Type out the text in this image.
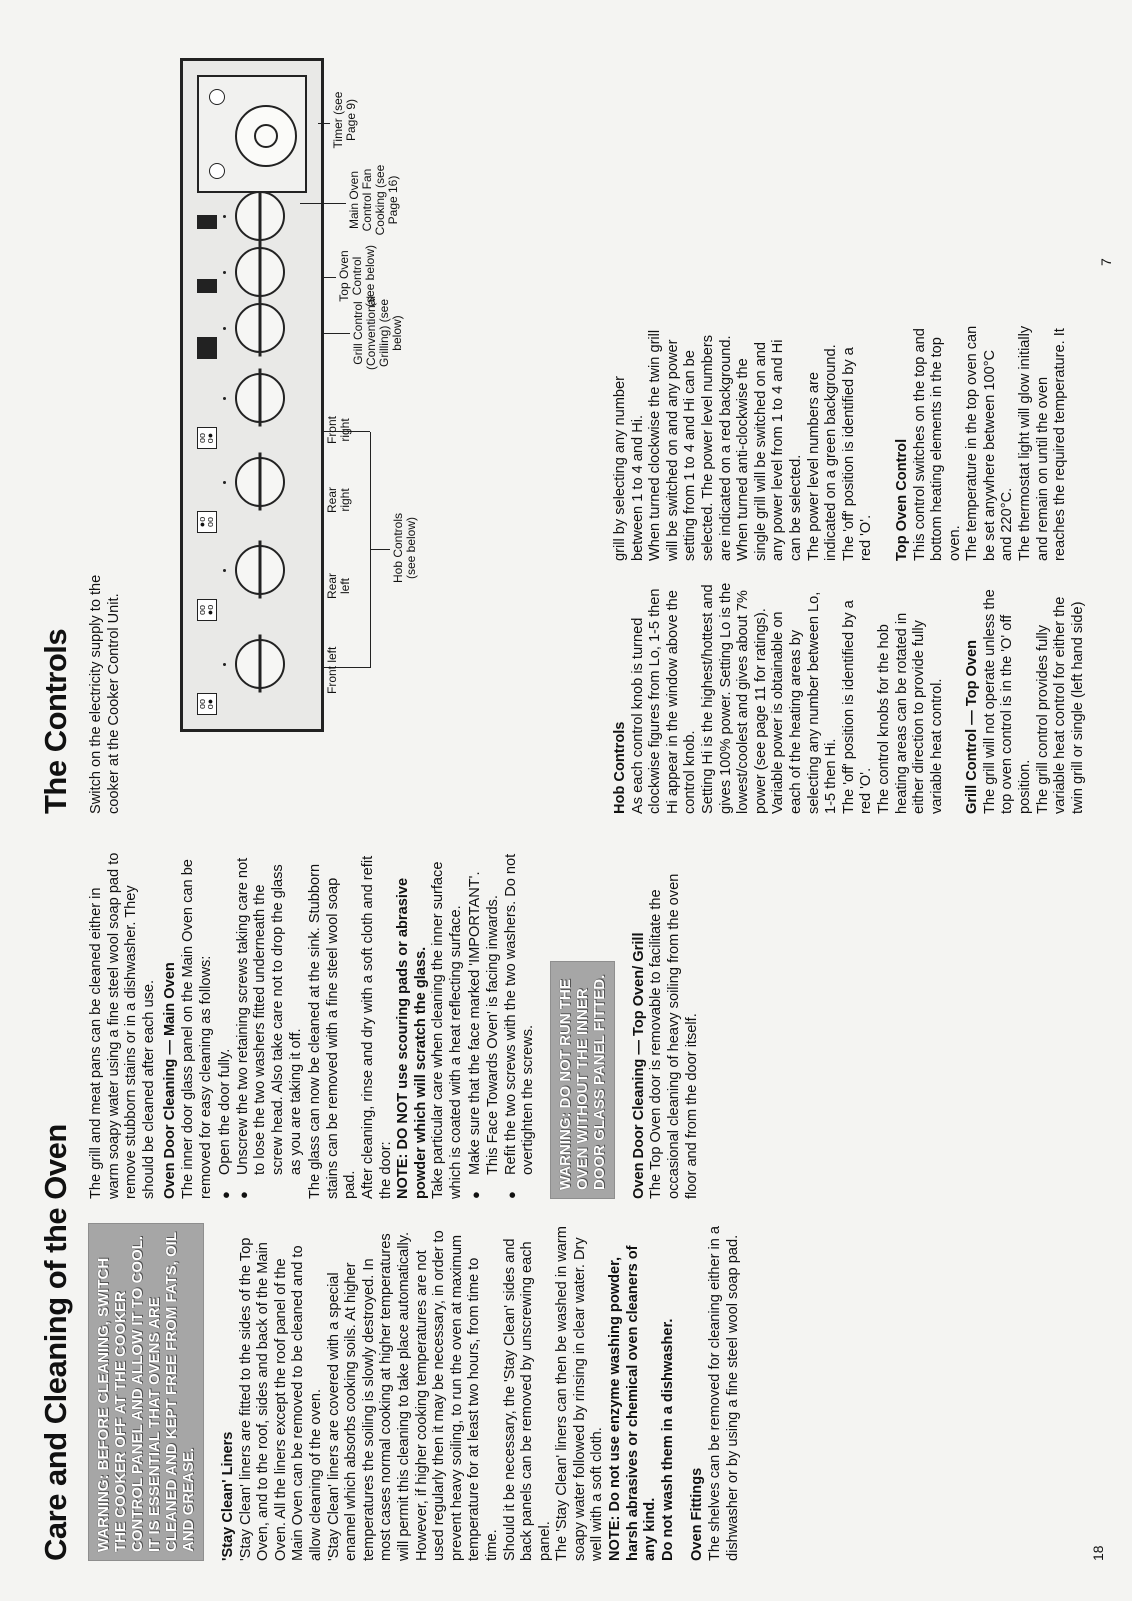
Care and Cleaning of the Oven WARNING: BEFORE CLEANING, SWITCH THE COOKER OFF AT THE COOKER CONTROL PANEL AND ALLOW IT TO COOL. IT IS ESSENTIAL THAT OVENS ARE CLEANED AND KEPT FREE FROM FATS, OIL AND GREASE. 'Stay Clean' Liners 'Stay Clean' liners are fitted to the sides of the Top Oven, and to the roof, sides and back of the Main Oven. All the liners except the roof panel of the Main Oven can be removed to be cleaned and to allow cleaning of the oven. 'Stay Clean' liners are covered with a special enamel which absorbs cooking soils. At higher temperatures the soiling is slowly destroyed. In most cases normal cooking at higher temperatures will permit this cleaning to take place automatically. However, if higher cooking temperatures are not used regularly then it may be necessary, in order to prevent heavy soiling, to run the oven at maximum temperature for at least two hours, from time to time. Should it be necessary, the 'Stay Clean' sides and back panels can be removed by unscrewing each panel. The 'Stay Clean' liners can then be washed in warm soapy water followed by rinsing in clear water. Dry well with a soft cloth. NOTE: Do not use enzyme washing powder, harsh abrasives or chemical oven cleaners of any kind. Do not wash them in a dishwasher. Oven Fittings The shelves can be removed for cleaning either in a dishwasher or by using a fine steel wool soap pad.

The grill and meat pans can be cleaned either in warm soapy water using a fine steel wool soap pad to remove stubborn stains or in a dishwasher. They should be cleaned after each use. Oven Door Cleaning — Main Oven The inner door glass panel on the Main Oven can be removed for easy cleaning as follows: ● Open the door fully. ● Unscrew the two retaining screws taking care not to lose the two washers fitted underneath the screw head. Also take care not to drop the glass as you are taking it off. The glass can now be cleaned at the sink. Stubborn stains can be removed with a fine steel wool soap pad. After cleaning, rinse and dry with a soft cloth and refit the door: NOTE: DO NOT use scouring pads or abrasive powder which will scratch the glass. Take particular care when cleaning the inner surface which is coated with a heat reflecting surface. ● Make sure that the face marked 'IMPORTANT'. This Face Towards Oven' is facing inwards. ● Refit the two screws with the two washers. Do not overtighten the screws. WARNING: DO NOT RUN THE OVEN WITHOUT THE INNER DOOR GLASS PANEL FITTED. Oven Door Cleaning — Top Oven/ Grill The Top Oven door is removable to facilitate the occasional cleaning of heavy soiling from the oven floor and from the door itself.

18
The Controls Switch on the electricity supply to the cooker at the Cooker Control Unit.	oo
o●
oo
●o
●o
oo
oo
o●
Front left
Rear left
Rear right
Front right
Hob Controls (see below)
Grill Control (Conventional Grilling) (see below)
Top Oven Control (see below)
Main Oven Control Fan Cooking (see Page 16)
Timer (see Page 9)

Hob Controls As each control knob is turned clockwise figures from Lo, 1-5 then Hi appear in the window above the control knob. Setting Hi is the highest/hottest and gives 100% power. Setting Lo is the lowest/coolest and gives about 7% power (see page 11 for ratings). Variable power is obtainable on each of the heating areas by selecting any number between Lo, 1-5 then Hi. The 'off' position is identified by a red 'O'. The control knobs for the hob heating areas can be rotated in either direction to provide fully variable heat control. Grill Control — Top Oven The grill will not operate unless the top oven control is in the 'O' off position. The grill control provides fully variable heat control for either the twin grill or single (left hand side)

grill by selecting any number between 1 to 4 and Hi. When turned clockwise the twin grill will be switched on and any power setting from 1 to 4 and Hi can be selected. The power level numbers are indicated on a red background. When turned anti-clockwise the single grill will be switched on and any power level from 1 to 4 and Hi can be selected. The power level numbers are indicated on a green background. The 'off' position is identified by a red 'O'. Top Oven Control This control switches on the top and bottom heating elements in the top oven. The temperature in the top oven can be set anywhere between 100°C and 220°C. The thermostat light will glow initially and remain on until the oven reaches the required temperature. It

7
